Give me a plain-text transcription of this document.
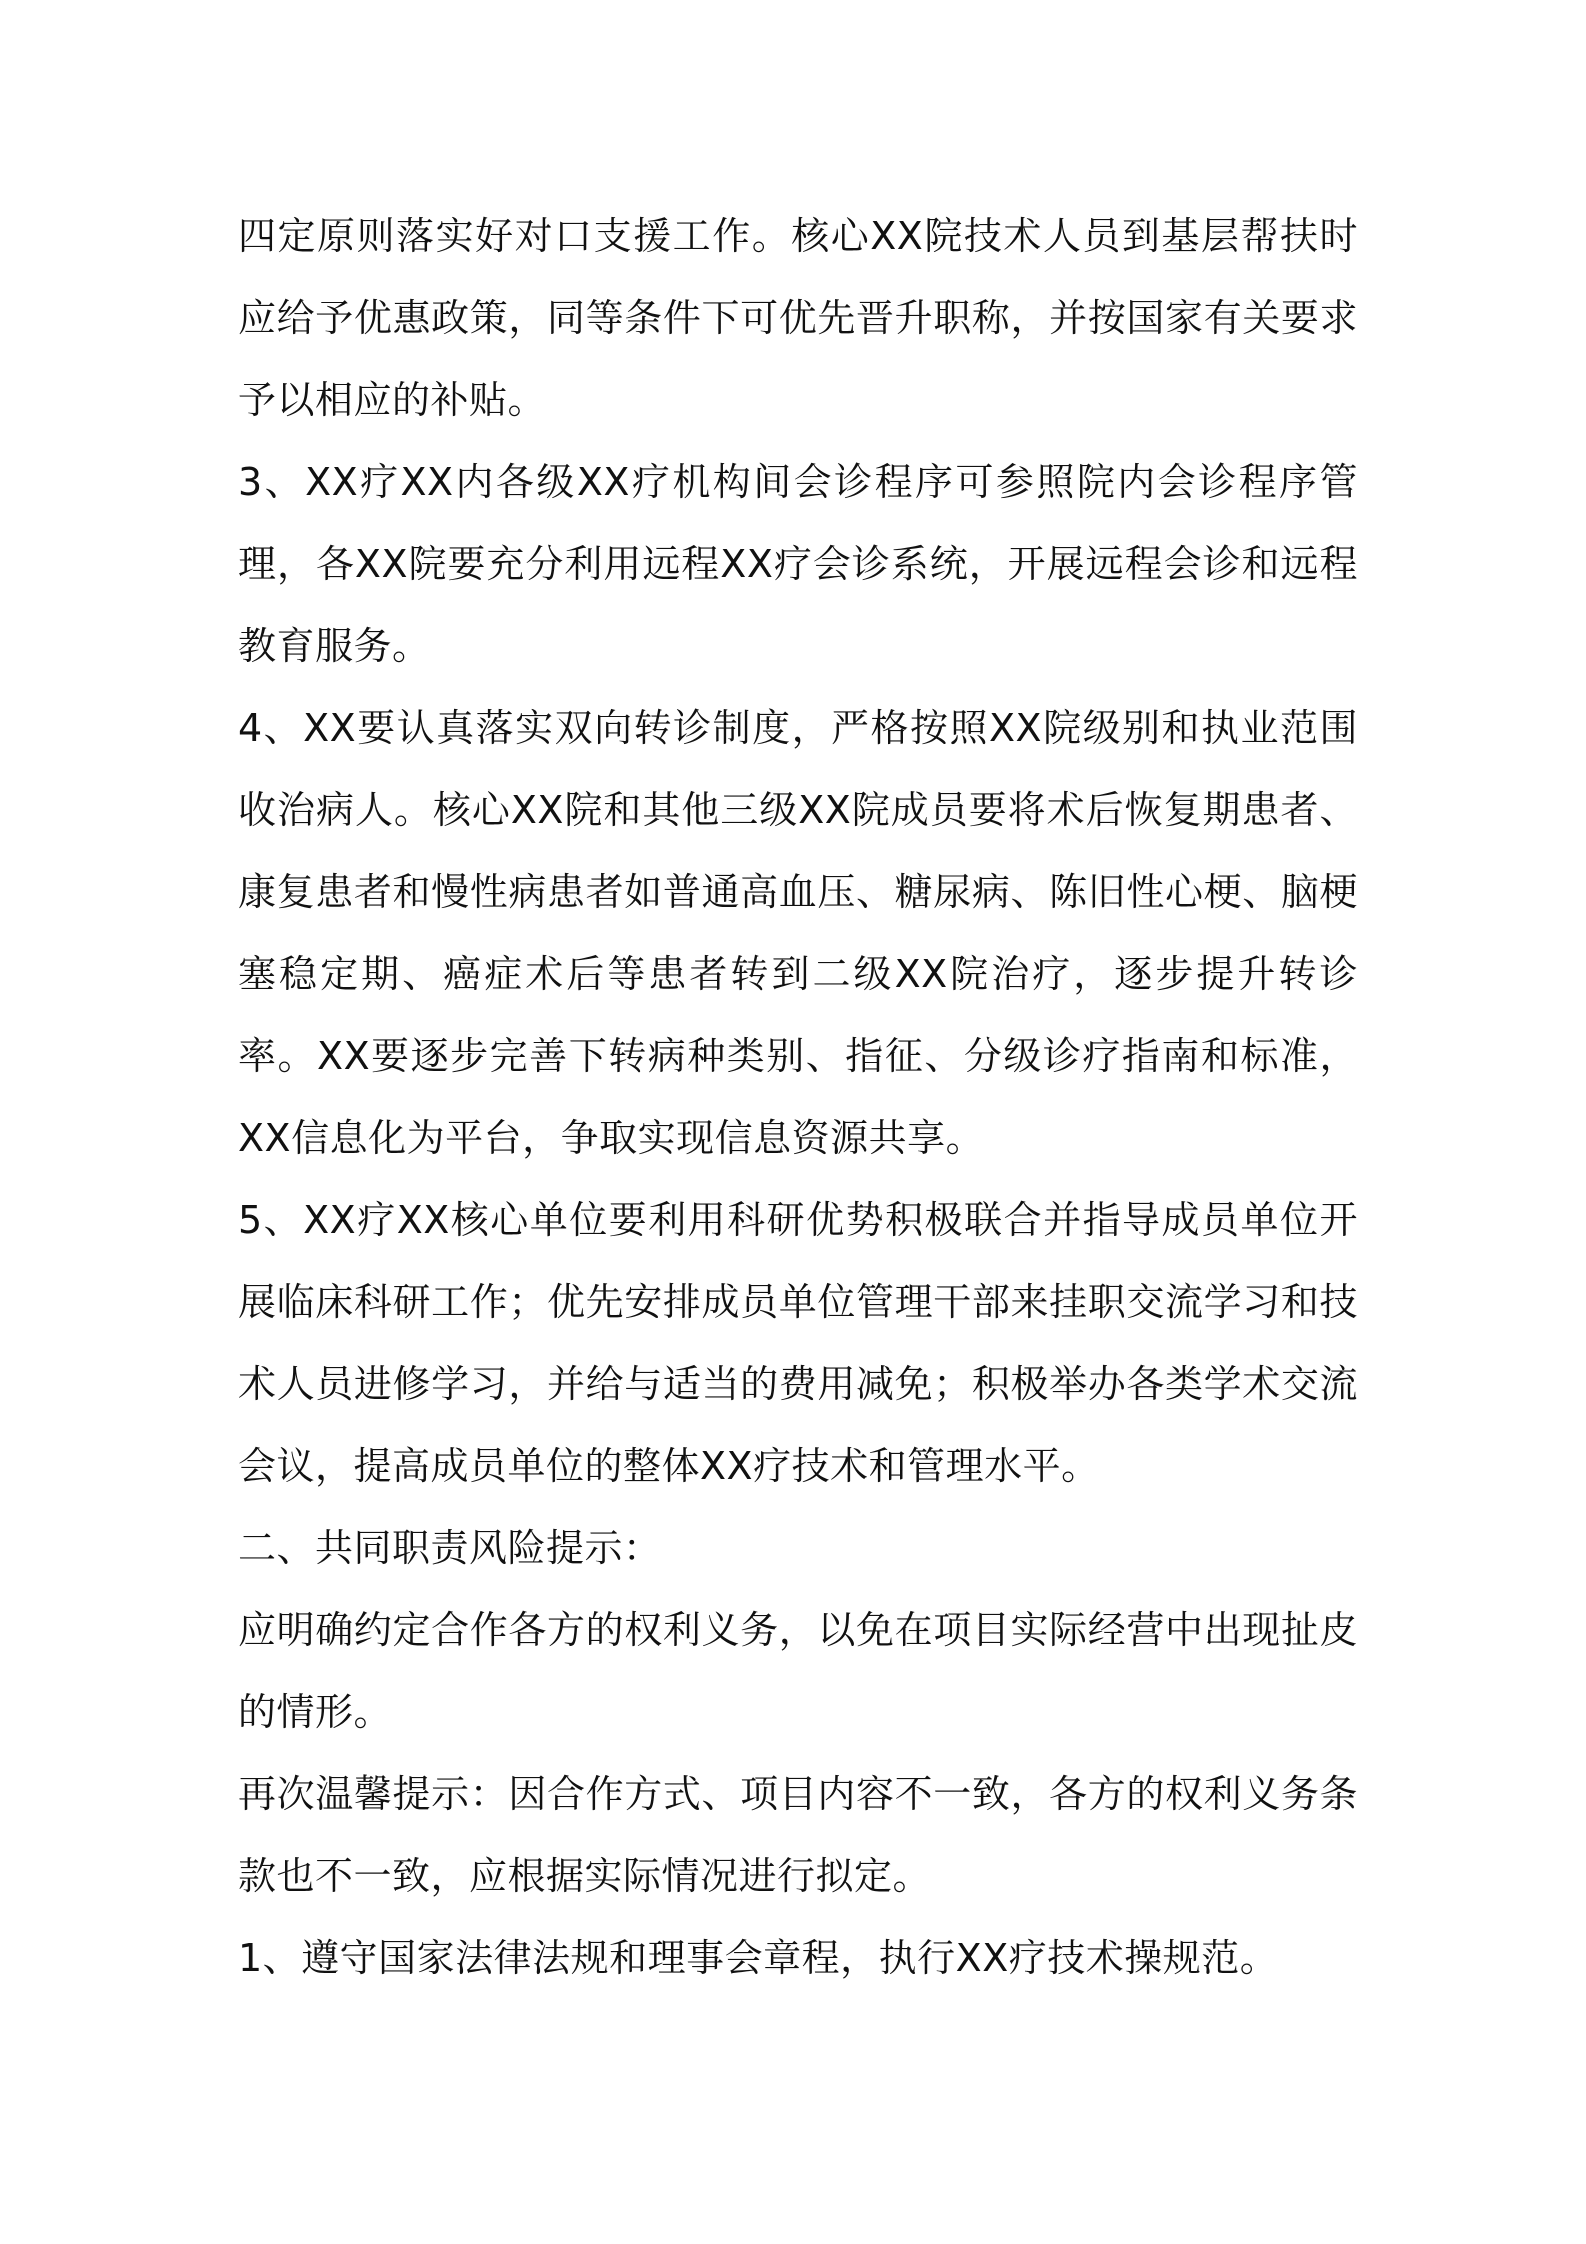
四定原则落实好对口支援工作。核心XX院技术人员到基层帮扶时应给予优惠政策，同等条件下可优先晋升职称，并按国家有关要求予以相应的补贴。

3、XX疗XX内各级XX疗机构间会诊程序可参照院内会诊程序管理，各XX院要充分利用远程XX疗会诊系统，开展远程会诊和远程教育服务。

4、XX要认真落实双向转诊制度，严格按照XX院级别和执业范围收治病人。核心XX院和其他三级XX院成员要将术后恢复期患者、康复患者和慢性病患者如普通高血压、糖尿病、陈旧性心梗、脑梗塞稳定期、癌症术后等患者转到二级XX院治疗，逐步提升转诊率。XX要逐步完善下转病种类别、指征、分级诊疗指南和标准，XX信息化为平台，争取实现信息资源共享。

5、XX疗XX核心单位要利用科研优势积极联合并指导成员单位开展临床科研工作；优先安排成员单位管理干部来挂职交流学习和技术人员进修学习，并给与适当的费用减免；积极举办各类学术交流会议，提高成员单位的整体XX疗技术和管理水平。

二、共同职责风险提示：

应明确约定合作各方的权利义务，以免在项目实际经营中出现扯皮的情形。

再次温馨提示：因合作方式、项目内容不一致，各方的权利义务条款也不一致，应根据实际情况进行拟定。

1、遵守国家法律法规和理事会章程，执行XX疗技术操规范。
